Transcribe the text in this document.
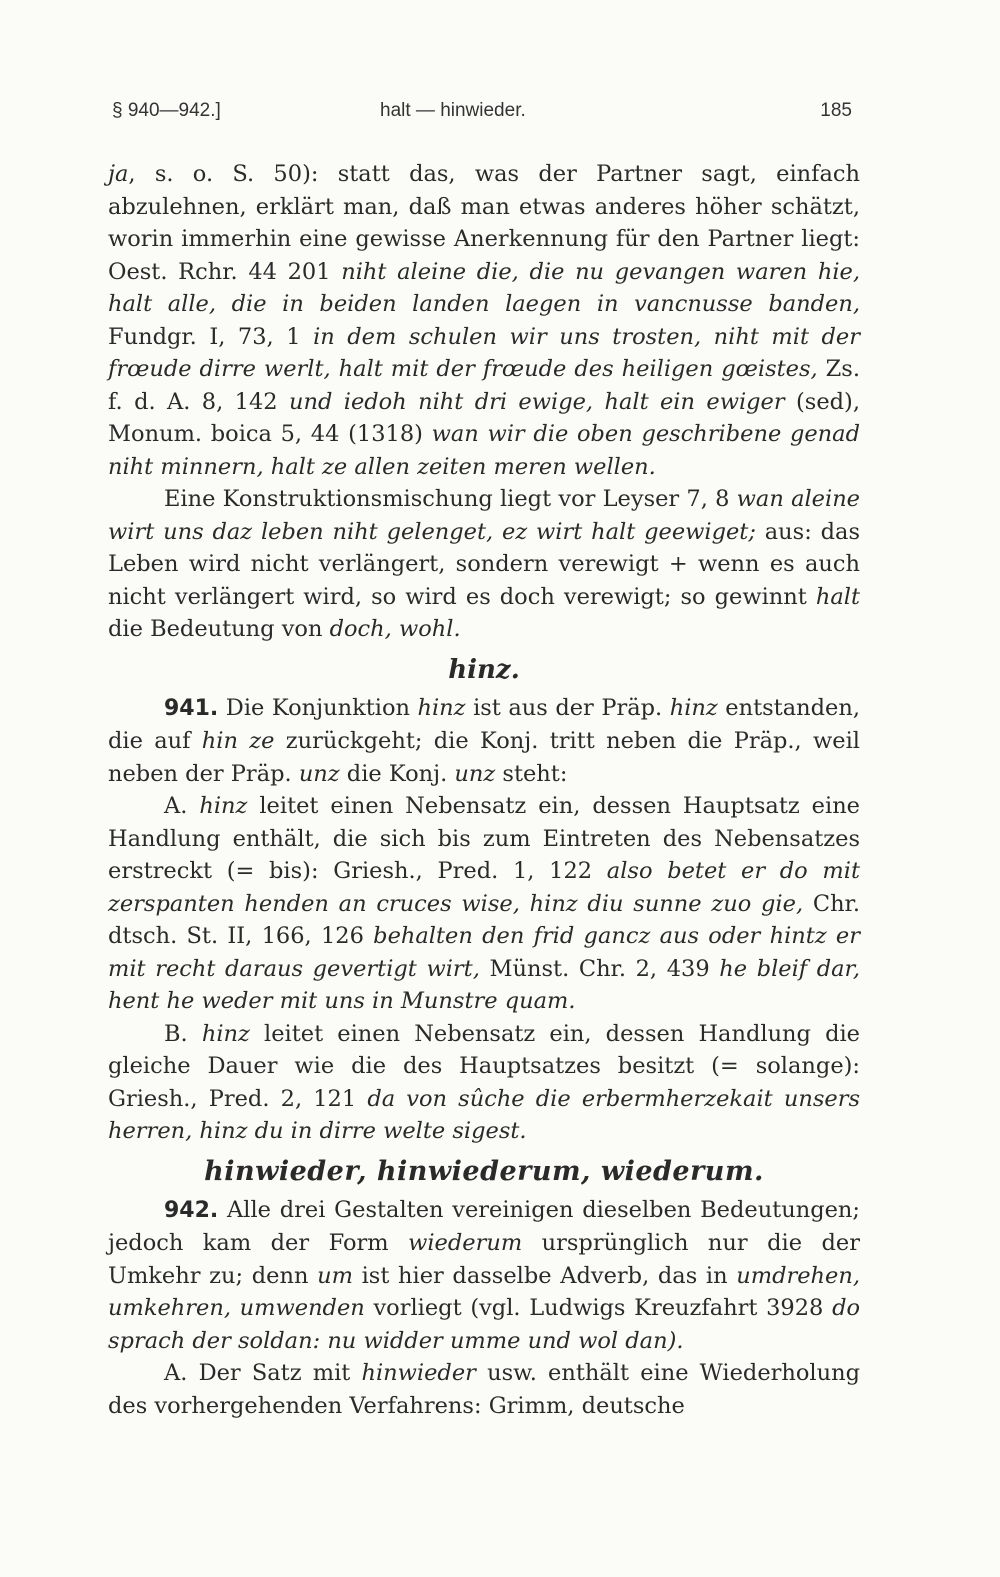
§ 940—942.]	halt — hinwieder.	185

ja, s. o. S. 50): statt das, was der Partner sagt, einfach abzulehnen, erklärt man, daß man etwas anderes höher schätzt, worin immerhin eine gewisse Anerkennung für den Partner liegt: Oest. Rchr. 44 201 niht aleine die, die nu gevangen waren hie, halt alle, die in beiden landen laegen in vancnusse banden, Fundgr. I, 73, 1 in dem schulen wir uns trosten, niht mit der frœude dirre werlt, halt mit der frœude des heiligen gœistes, Zs. f. d. A. 8, 142 und iedoh niht dri ewige, halt ein ewiger (sed), Monum. boica 5, 44 (1318) wan wir die oben geschribene genad niht minnern, halt ze allen zeiten meren wellen.

Eine Konstruktionsmischung liegt vor Leyser 7, 8 wan aleine wirt uns daz leben niht gelenget, ez wirt halt geewiget; aus: das Leben wird nicht verlängert, sondern verewigt + wenn es auch nicht verlängert wird, so wird es doch verewigt; so gewinnt halt die Bedeutung von doch, wohl.

hinz.

941. Die Konjunktion hinz ist aus der Präp. hinz entstanden, die auf hin ze zurückgeht; die Konj. tritt neben die Präp., weil neben der Präp. unz die Konj. unz steht:

A. hinz leitet einen Nebensatz ein, dessen Hauptsatz eine Handlung enthält, die sich bis zum Eintreten des Nebensatzes erstreckt (= bis): Griesh., Pred. 1, 122 also betet er do mit zerspanten henden an cruces wise, hinz diu sunne zuo gie, Chr. dtsch. St. II, 166, 126 behalten den frid gancz aus oder hintz er mit recht daraus gevertigt wirt, Münst. Chr. 2, 439 he bleif dar, hent he weder mit uns in Munstre quam.

B. hinz leitet einen Nebensatz ein, dessen Handlung die gleiche Dauer wie die des Hauptsatzes besitzt (= solange): Griesh., Pred. 2, 121 da von sûche die erbermherzekait unsers herren, hinz du in dirre welte sigest.

hinwieder, hinwiederum, wiederum.

942. Alle drei Gestalten vereinigen dieselben Bedeutungen; jedoch kam der Form wiederum ursprünglich nur die der Umkehr zu; denn um ist hier dasselbe Adverb, das in umdrehen, umkehren, umwenden vorliegt (vgl. Ludwigs Kreuzfahrt 3928 do sprach der soldan: nu widder umme und wol dan).

A. Der Satz mit hinwieder usw. enthält eine Wiederholung des vorhergehenden Verfahrens: Grimm, deutsche
